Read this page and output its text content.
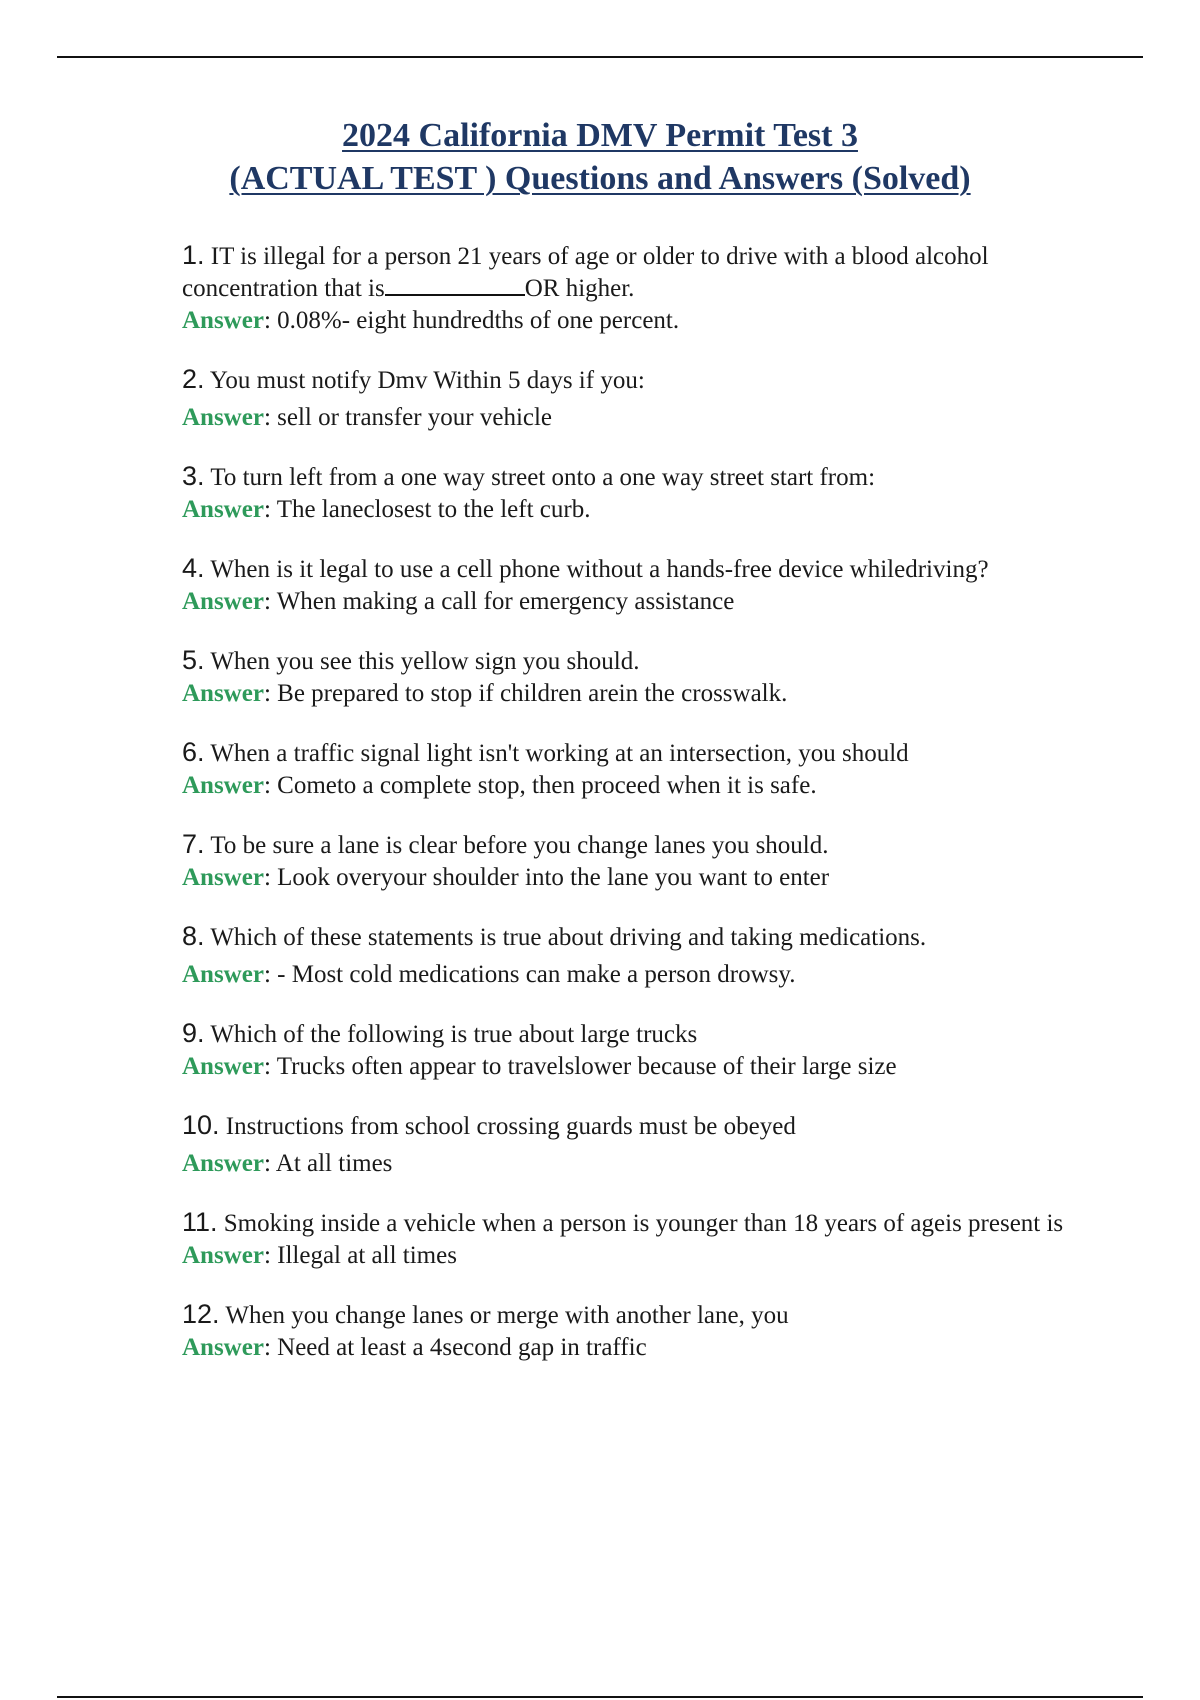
2024 California DMV Permit Test 3
(ACTUAL TEST ) Questions and Answers (Solved)

1. IT is illegal for a person 21 years of age or older to drive with a blood alcohol concentration that is	OR higher.

Answer: 0.08%- eight hundredths of one percent.

2. You must notify Dmv Within 5 days if you:

Answer: sell or transfer your vehicle

3. To turn left from a one way street onto a one way street start from:

Answer: The laneclosest to the left curb.

4. When is it legal to use a cell phone without a hands-free device whiledriving?

Answer: When making a call for emergency assistance

5. When you see this yellow sign you should.

Answer: Be prepared to stop if children arein the crosswalk.

6. When a traffic signal light isn't working at an intersection, you should

Answer: Cometo a complete stop, then proceed when it is safe.

7. To be sure a lane is clear before you change lanes you should.

Answer: Look overyour shoulder into the lane you want to enter

8. Which of these statements is true about driving and taking medications.

Answer: - Most cold medications can make a person drowsy.

9. Which of the following is true about large trucks

Answer: Trucks often appear to travelslower because of their large size

10. Instructions from school crossing guards must be obeyed

Answer: At all times

11. Smoking inside a vehicle when a person is younger than 18 years of ageis present is

Answer: Illegal at all times

12. When you change lanes or merge with another lane, you

Answer: Need at least a 4second gap in traffic
